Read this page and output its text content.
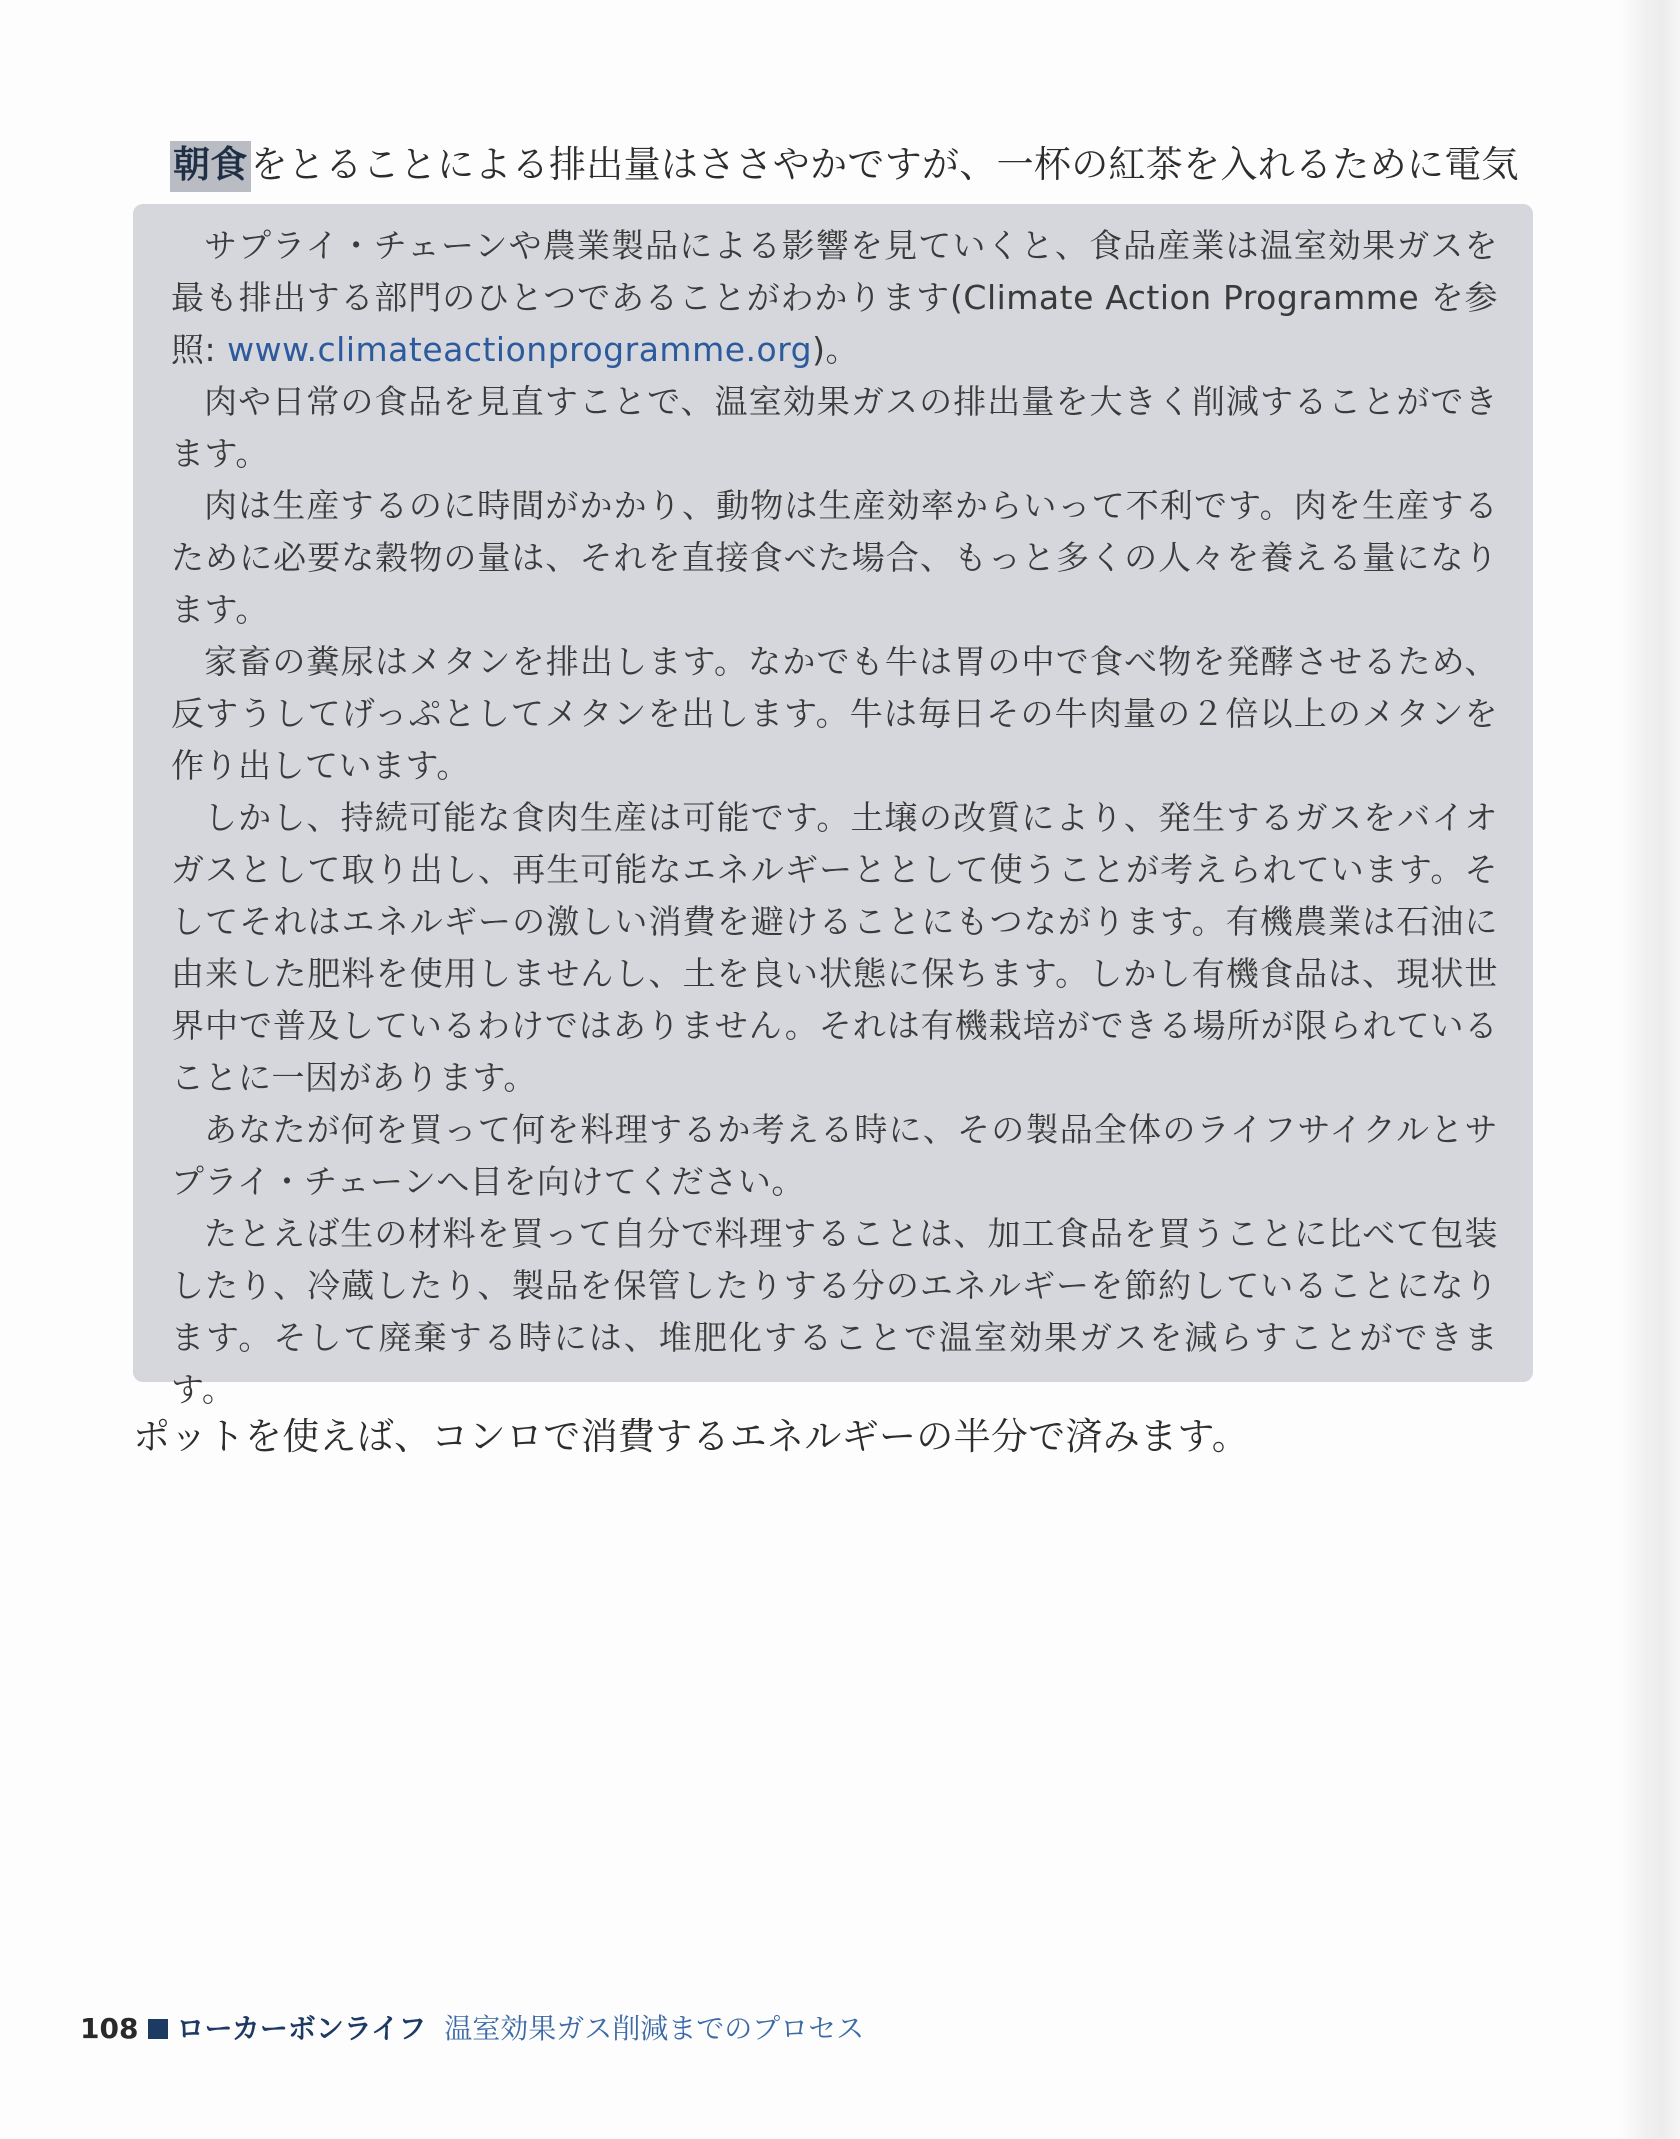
朝食をとることによる排出量はささやかですが、一杯の紅茶を入れるために電気

サプライ・チェーンや農業製品による影響を見ていくと、食品産業は温室効果ガスを最も排出する部門のひとつであることがわかります(Climate Action Programme を参照: www.climateactionprogramme.org)。

肉や日常の食品を見直すことで、温室効果ガスの排出量を大きく削減することができます。

肉は生産するのに時間がかかり、動物は生産効率からいって不利です。肉を生産するために必要な穀物の量は、それを直接食べた場合、もっと多くの人々を養える量になります。

家畜の糞尿はメタンを排出します。なかでも牛は胃の中で食べ物を発酵させるため、反すうしてげっぷとしてメタンを出します。牛は毎日その牛肉量の２倍以上のメタンを作り出しています。

しかし、持続可能な食肉生産は可能です。土壌の改質により、発生するガスをバイオガスとして取り出し、再生可能なエネルギーととして使うことが考えられています。そしてそれはエネルギーの激しい消費を避けることにもつながります。有機農業は石油に由来した肥料を使用しませんし、土を良い状態に保ちます。しかし有機食品は、現状世界中で普及しているわけではありません。それは有機栽培ができる場所が限られていることに一因があります。

あなたが何を買って何を料理するか考える時に、その製品全体のライフサイクルとサプライ・チェーンへ目を向けてください。

たとえば生の材料を買って自分で料理することは、加工食品を買うことに比べて包装したり、冷蔵したり、製品を保管したりする分のエネルギーを節約していることになります。そして廃棄する時には、堆肥化することで温室効果ガスを減らすことができます。

ポットを使えば、コンロで消費するエネルギーの半分で済みます。
108 ローカーボンライフ 温室効果ガス削減までのプロセス
